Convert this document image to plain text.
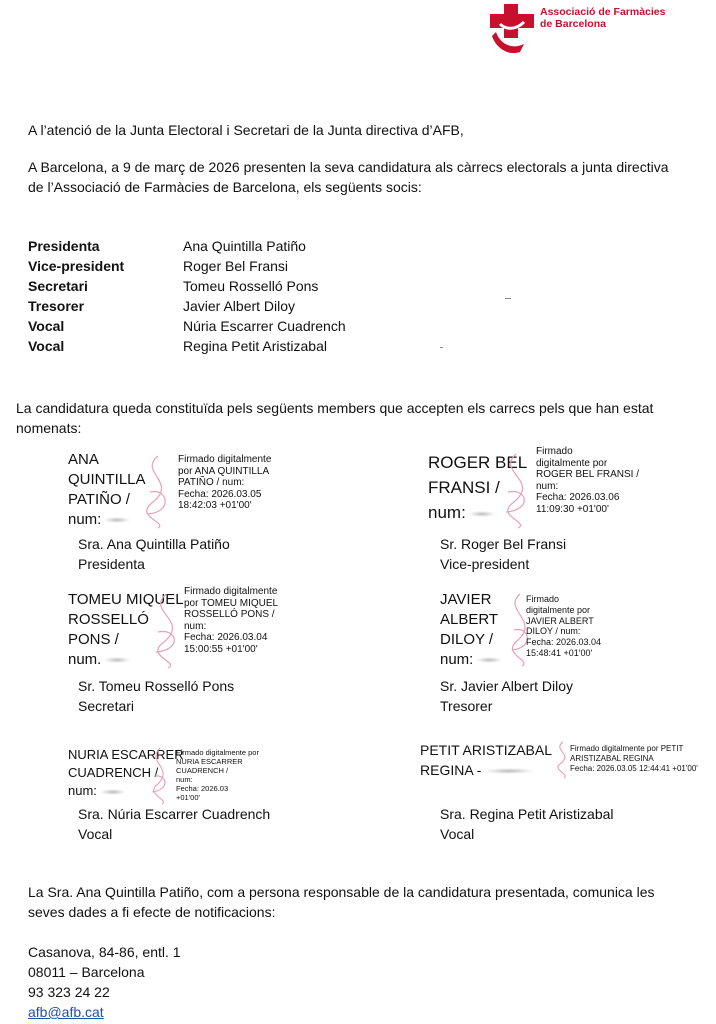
Associació de Farmàcies
de Barcelona
A l’atenció de la Junta Electoral i Secretari de la Junta directiva d’AFB,
A Barcelona, a 9 de març de 2026 presenten la seva candidatura als càrrecs electorals a junta directiva de l’Associació de Farmàcies de Barcelona, els següents socis:
Presidenta	Ana Quintilla Patiño
Vice-president	Roger Bel Fransi
Secretari	Tomeu Rosselló Pons
Tresorer	Javier Albert Diloy
Vocal	Núria Escarrer Cuadrench
Vocal	Regina Petit Aristizabal
La candidatura queda constituïda pels següents members que accepten els carrecs pels que han estat nomenats:
ANA
QUINTILLA
PATIÑO /
num:
Firmado digitalmente
por ANA QUINTILLA
PATIÑO / num:
Fecha: 2026.03.05
18:42:03 +01'00'
Sra. Ana Quintilla Patiño
Presidenta
ROGER BEL
FRANSI /
num:
Firmado
digitalmente por
ROGER BEL FRANSI /
num:
Fecha: 2026.03.06
11:09:30 +01'00'
Sr. Roger Bel Fransi
Vice-president
TOMEU MIQUEL
ROSSELLÓ
PONS /
num.
Firmado digitalmente
por TOMEU MIQUEL
ROSSELLÓ PONS /
num:
Fecha: 2026.03.04
15:00:55 +01'00'
Sr. Tomeu Rosselló Pons
Secretari
JAVIER
ALBERT
DILOY /
num:
Firmado
digitalmente por
JAVIER ALBERT
DILOY / num:
Fecha: 2026.03.04
15:48:41 +01'00'
Sr. Javier Albert Diloy
Tresorer
NURIA ESCARRER
CUADRENCH /
num:
Firmado digitalmente por
NURIA ESCARRER
CUADRENCH /
num:
Fecha: 2026.03
+01'00'
Sra. Núria Escarrer Cuadrench
Vocal
PETIT ARISTIZABAL
REGINA -
Firmado digitalmente por PETIT
ARISTIZABAL REGINA
Fecha: 2026.03.05 12:44:41 +01'00'
Sra. Regina Petit Aristizabal
Vocal
La Sra. Ana Quintilla Patiño, com a persona responsable de la candidatura presentada, comunica les seves dades a fi efecte de notificacions:
Casanova, 84-86, entl. 1
08011 – Barcelona
93 323 24 22
afb@afb.cat
